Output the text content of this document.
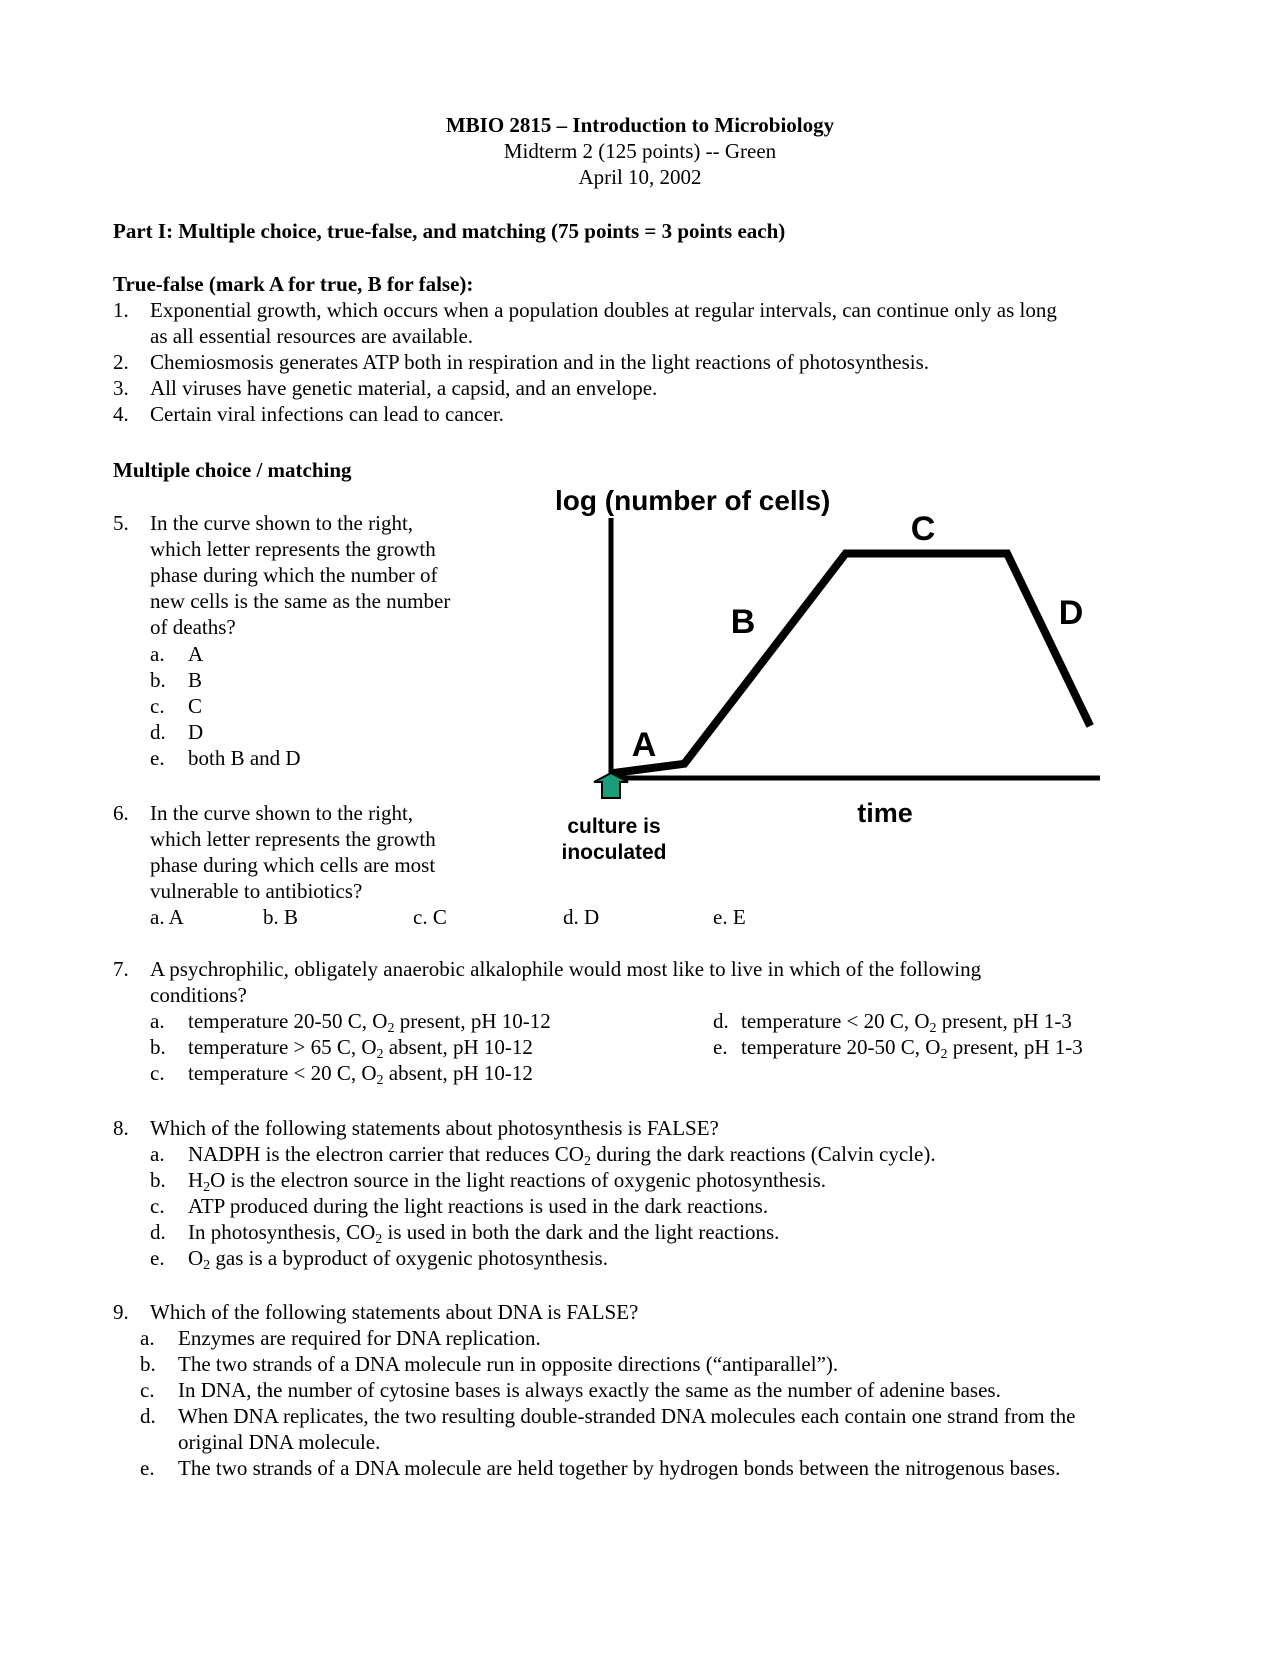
MBIO 2815 – Introduction to Microbiology
Midterm 2 (125 points) -- Green
April 10, 2002
Part I: Multiple choice, true-false, and matching (75 points = 3 points each)
True-false (mark A for true, B for false):
1. Exponential growth, which occurs when a population doubles at regular intervals, can continue only as long
as all essential resources are available.
2. Chemiosmosis generates ATP both in respiration and in the light reactions of photosynthesis.
3. All viruses have genetic material, a capsid, and an envelope.
4. Certain viral infections can lead to cancer.
Multiple choice / matching
5. In the curve shown to the right,
which letter represents the growth
phase during which the number of
new cells is the same as the number
of deaths?
a. A
b. B
c. C
d. D
e. both B and D
6. In the curve shown to the right,
which letter represents the growth
phase during which cells are most
vulnerable to antibiotics?
a. A	b. B	c. C	d. D	e. E
log (number of cells)
A
B
C
D
culture is
inoculated
time
7. A psychrophilic, obligately anaerobic alkalophile would most like to live in which of the following
conditions?
a. temperature 20-50 C, $O_2$ present, pH 10-12
b. temperature > 65 C, $O_2$ absent, pH 10-12
c. temperature < 20 C, $O_2$ absent, pH 10-12
d. temperature < 20 C, $O_2$ present, pH 1-3
e. temperature 20-50 C, $O_2$ present, pH 1-3
8. Which of the following statements about photosynthesis is FALSE?
a. NADPH is the electron carrier that reduces $CO_2$ during the dark reactions (Calvin cycle).
b. $H_2O$ is the electron source in the light reactions of oxygenic photosynthesis.
c. ATP produced during the light reactions is used in the dark reactions.
d. In photosynthesis, $CO_2$ is used in both the dark and the light reactions.
e. $O_2$ gas is a byproduct of oxygenic photosynthesis.
9. Which of the following statements about DNA is FALSE?
a. Enzymes are required for DNA replication.
b. The two strands of a DNA molecule run in opposite directions (“antiparallel”).
c. In DNA, the number of cytosine bases is always exactly the same as the number of adenine bases.
d. When DNA replicates, the two resulting double-stranded DNA molecules each contain one strand from the
original DNA molecule.
e. The two strands of a DNA molecule are held together by hydrogen bonds between the nitrogenous bases.
